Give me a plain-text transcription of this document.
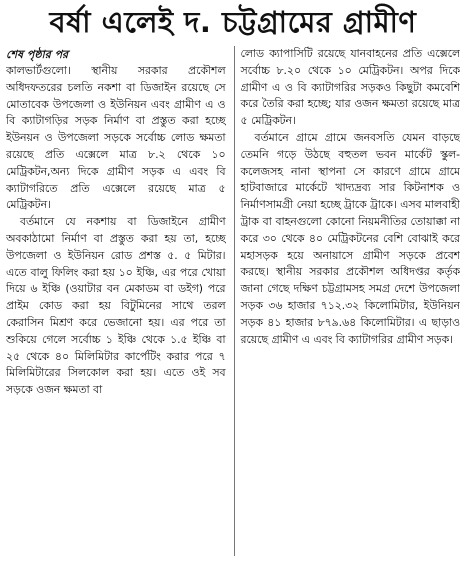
বর্ষা এলেই দ. চট্টগ্রামের গ্রামীণ

শেষ পৃষ্ঠার পর

কালভার্টগুলো। স্থানীয় সরকার প্রকৌশল অধিদফতরের চলতি নকশা বা ডিজাইন রয়েছে সে মোতাবেক উপজেলা ও ইউনিয়ন এবং গ্রামীণ এ ও বি ক্যাটাগড়ির সড়ক নির্মাণ বা প্রস্তুত করা হচ্ছে ইউনয়ন ও উপজেলা সড়কে সর্বোচ্চ লোড ক্ষমতা রয়েছে প্রতি এক্সেলে মাত্র ৮.২ থেকে ১০ মেট্রিকটন,অন্য দিকে গ্রামীণ সড়ক এ এবং বি ক্যাটাগরিতে প্রতি এক্সেলে রয়েছে মাত্র ৫ মেট্রিকটন।

বর্তমানে যে নকশায় বা ডিজাইনে গ্রামীণ অবকাঠামো নির্মাণ বা প্রস্তুত করা হয় তা, হচ্ছে উপজেলা ও ইউনিয়ন রোড প্রশস্ত ৫. ৫ মিটার। এতে বালু ফিলিং করা হয় ১০ ইঞ্চি, এর পরে খোয়া দিয়ে ৬ ইঞ্চি (ওয়াটার বন মেকাডম বা ডইগ) পরে প্রাইম কোড করা হয় বিটুমিনের সাথে তরল কেরাসিন মিশ্রণ করে ভেজানো হয়। এর পরে তা শুকিয়ে গেলে সর্বোচ্চ ১ ইঞ্চি থেকে ১.৫ ইঞ্চি বা ২৫ থেকে ৪০ মিলিমিটার কার্পেটিং করার পরে ৭ মিলিমিটারের সিলকোল করা হয়। এতে ওই সব সড়কে ওজন ক্ষমতা বা

লোড ক্যাপাসিটি রয়েছে যানবাহনের প্রতি এক্সেলে সর্বোচ্চ ৮.২০ থেকে ১০ মেট্রিকটন। অপর দিকে গ্রামীণ এ ও বি ক্যাটাগরির সড়কও কিছুটা কমবেশি করে তৈরি করা হচ্ছে; যার ওজন ক্ষমতা রয়েছে মাত্র ৫ মেট্রিকটন।

বর্তমানে গ্রামে গ্রামে জনবসতি যেমন বাড়ছে তেমনি গড়ে উঠছে বহুতল ভবন মার্কেট স্কুল-কলেজসহ নানা স্থাপনা সে কারণে গ্রামে গ্রামে হাটবাজারে মার্কেটে খাদ্যদ্রব্য সার কিটনাশক ও নির্মাণসামগ্রী নেয়া হচ্ছে ট্রাকে ট্রাকে। এসব মালবাহী ট্রাক বা বাহনগুলো কোনো নিয়মনীতির তোয়াক্কা না করে ৩০ থেকে ৪০ মেট্রিকটনের বেশি বোঝাই করে মহাসড়ক হয়ে অনায়াসে গ্রামীণ সড়কে প্রবেশ করছে। স্থানীয় সরকার প্রকৌশল অধিদপ্তর কর্তৃক জানা গেছে দক্ষিণ চট্টগ্রামসহ সমগ্র দেশে উপজেলা সড়ক ৩৬ হাজার ৭১২.৩২ কিলোমিটার, ইউনিয়ন সড়ক ৪১ হাজার ৮৭৯.৬৪ কিলোমিটার। এ ছাড়াও রয়েছে গ্রামীণ এ এবং বি ক্যাটাগরির গ্রামীণ সড়ক।
